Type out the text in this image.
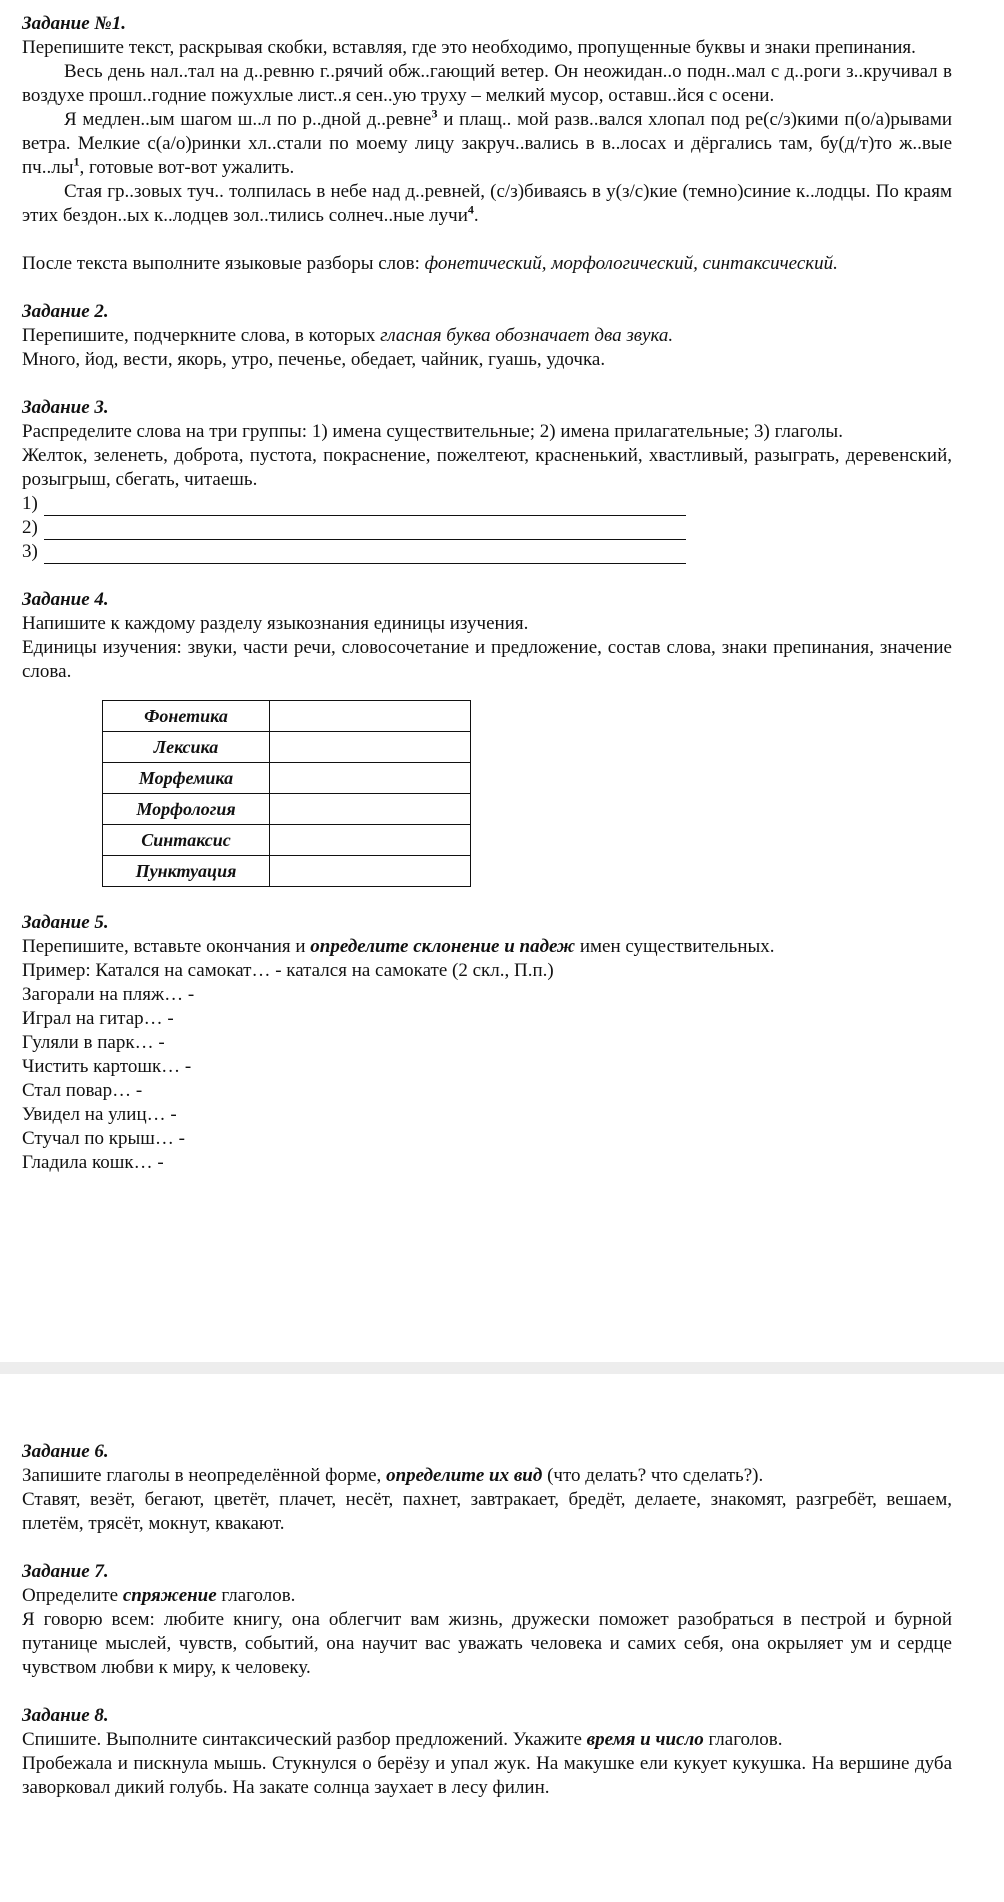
Задание №1.

Перепишите текст, раскрывая скобки, вставляя, где это необходимо, пропущенные буквы и знаки препинания.

Весь день нал..тал на д..ревню г..рячий обж..гающий ветер. Он неожидан..о подн..мал с д..роги з..кручивал в воздухе прошл..годние пожухлые лист..я сен..ую труху – мелкий мусор, оставш..йся с осени.

Я медлен..ым шагом ш..л по р..дной д..ревне$^3$ и плащ.. мой разв..вался хлопал под ре(с/з)кими п(о/а)рывами ветра. Мелкие с(а/о)ринки хл..стали по моему лицу закруч..вались в в..лосах и дёргались там, бу(д/т)то ж..вые $пч..лы^1$, готовые вот-вот ужалить.

Стая гр..зовых туч.. толпилась в небе над д..ревней, (с/з)биваясь в у(з/с)кие (темно)синие к..лодцы. По краям этих бездон..ых к..лодцев зол..тились солнеч..ные лучи$^4$.

После текста выполните языковые разборы слов: фонетический, морфологический, синтаксический.

Задание 2.

Перепишите, подчеркните слова, в которых гласная буква обозначает два звука.

Много, йод, вести, якорь, утро, печенье, обедает, чайник, гуашь, удочка.

Задание 3.

Распределите слова на три группы: 1) имена существительные; 2) имена прилагательные; 3) глаголы.

Желток, зеленеть, доброта, пустота, покраснение, пожелтеют, красненький, хвастливый, разыграть, деревенский, розыгрыш, сбегать, читаешь.

1)
2)
3)
Задание 4.

Напишите к каждому разделу языкознания единицы изучения.

Единицы изучения: звуки, части речи, словосочетание и предложение, состав слова, знаки препинания, значение слова.

Фонетика	
Лексика	
Морфемика	
Морфология	
Синтаксис	
Пунктуация	
Задание 5.

Перепишите, вставьте окончания и определите склонение и падеж имен существительных.

Пример: Катался на самокат… - катался на самокате (2 скл., П.п.)

Загорали на пляж… -

Играл на гитар… -

Гуляли в парк… -

Чистить картошк… -

Стал повар… -

Увидел на улиц… -

Стучал по крыш… -

Гладила кошк… -

Задание 6.

Запишите глаголы в неопределённой форме, определите их вид (что делать? что сделать?).

Ставят, везёт, бегают, цветёт, плачет, несёт, пахнет, завтракает, бредёт, делаете, знакомят, разгребёт, вешаем, плетём, трясёт, мокнут, квакают.

Задание 7.

Определите спряжение глаголов.

Я говорю всем: любите книгу, она облегчит вам жизнь, дружески поможет разобраться в пестрой и бурной путанице мыслей, чувств, событий, она научит вас уважать человека и самих себя, она окрыляет ум и сердце чувством любви к миру, к человеку.

Задание 8.

Спишите. Выполните синтаксический разбор предложений. Укажите время и число глаголов.

Пробежала и пискнула мышь. Стукнулся о берёзу и упал жук. На макушке ели кукует кукушка. На вершине дуба заворковал дикий голубь. На закате солнца заухает в лесу филин.
